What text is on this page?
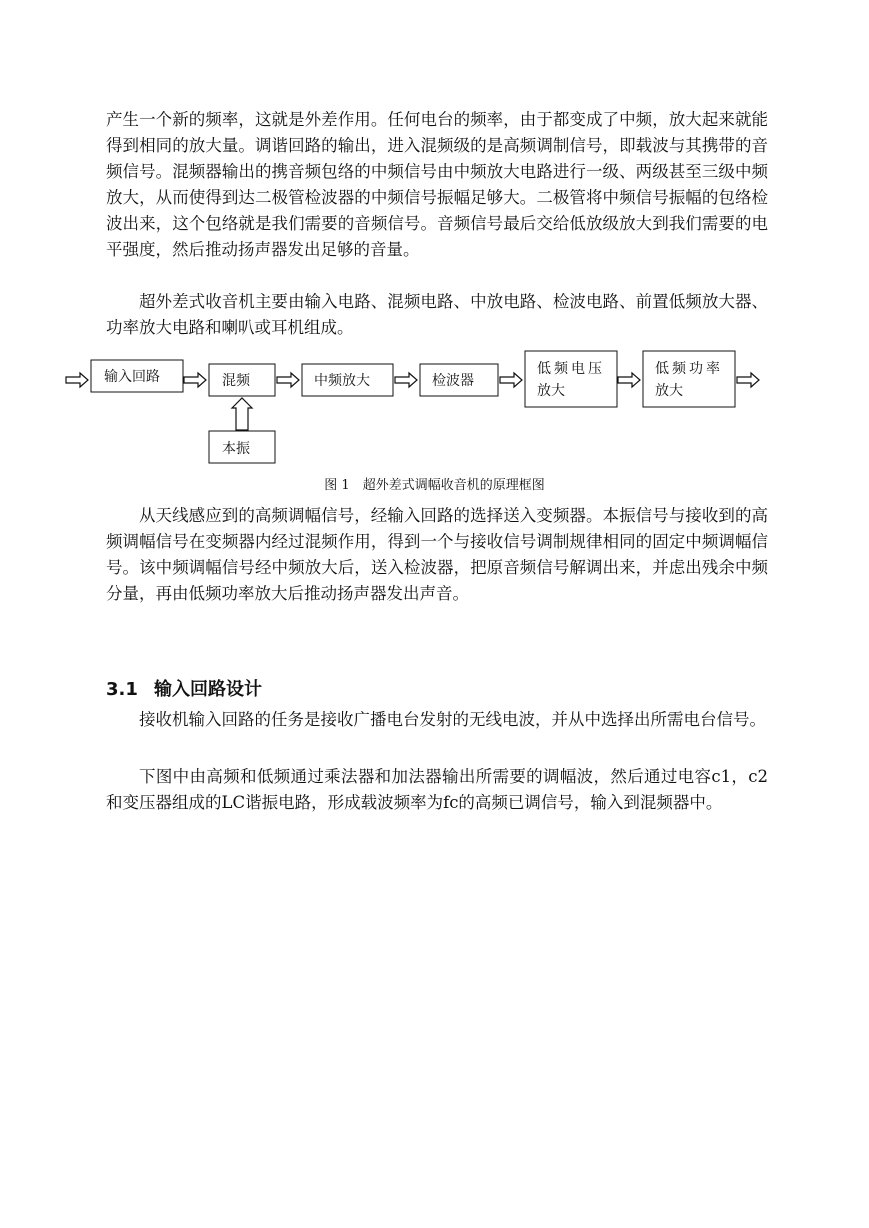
产生一个新的频率，这就是外差作用。任何电台的频率，由于都变成了中频，放大起来就能得到相同的放大量。调谐回路的输出，进入混频级的是高频调制信号，即载波与其携带的音频信号。混频器输出的携音频包络的中频信号由中频放大电路进行一级、两级甚至三级中频放大，从而使得到达二极管检波器的中频信号振幅足够大。二极管将中频信号振幅的包络检波出来，这个包络就是我们需要的音频信号。音频信号最后交给低放级放大到我们需要的电平强度，然后推动扬声器发出足够的音量。

超外差式收音机主要由输入电路、混频电路、中放电路、检波电路、前置低频放大器、功率放大电路和喇叭或耳机组成。

输入回路	混频	中频放大	检波器
低频电压
放大
低频功率
放大
本振
图 1　超外差式调幅收音机的原理框图

从天线感应到的高频调幅信号，经输入回路的选择送入变频器。本振信号与接收到的高频调幅信号在变频器内经过混频作用，得到一个与接收信号调制规律相同的固定中频调幅信号。该中频调幅信号经中频放大后，送入检波器，把原音频信号解调出来，并虑出残余中频分量，再由低频功率放大后推动扬声器发出声音。

3.1 输入回路设计

接收机输入回路的任务是接收广播电台发射的无线电波，并从中选择出所需电台信号。

下图中由高频和低频通过乘法器和加法器输出所需要的调幅波，然后通过电容c1，c2和变压器组成的LC谐振电路，形成载波频率为fc的高频已调信号，输入到混频器中。
